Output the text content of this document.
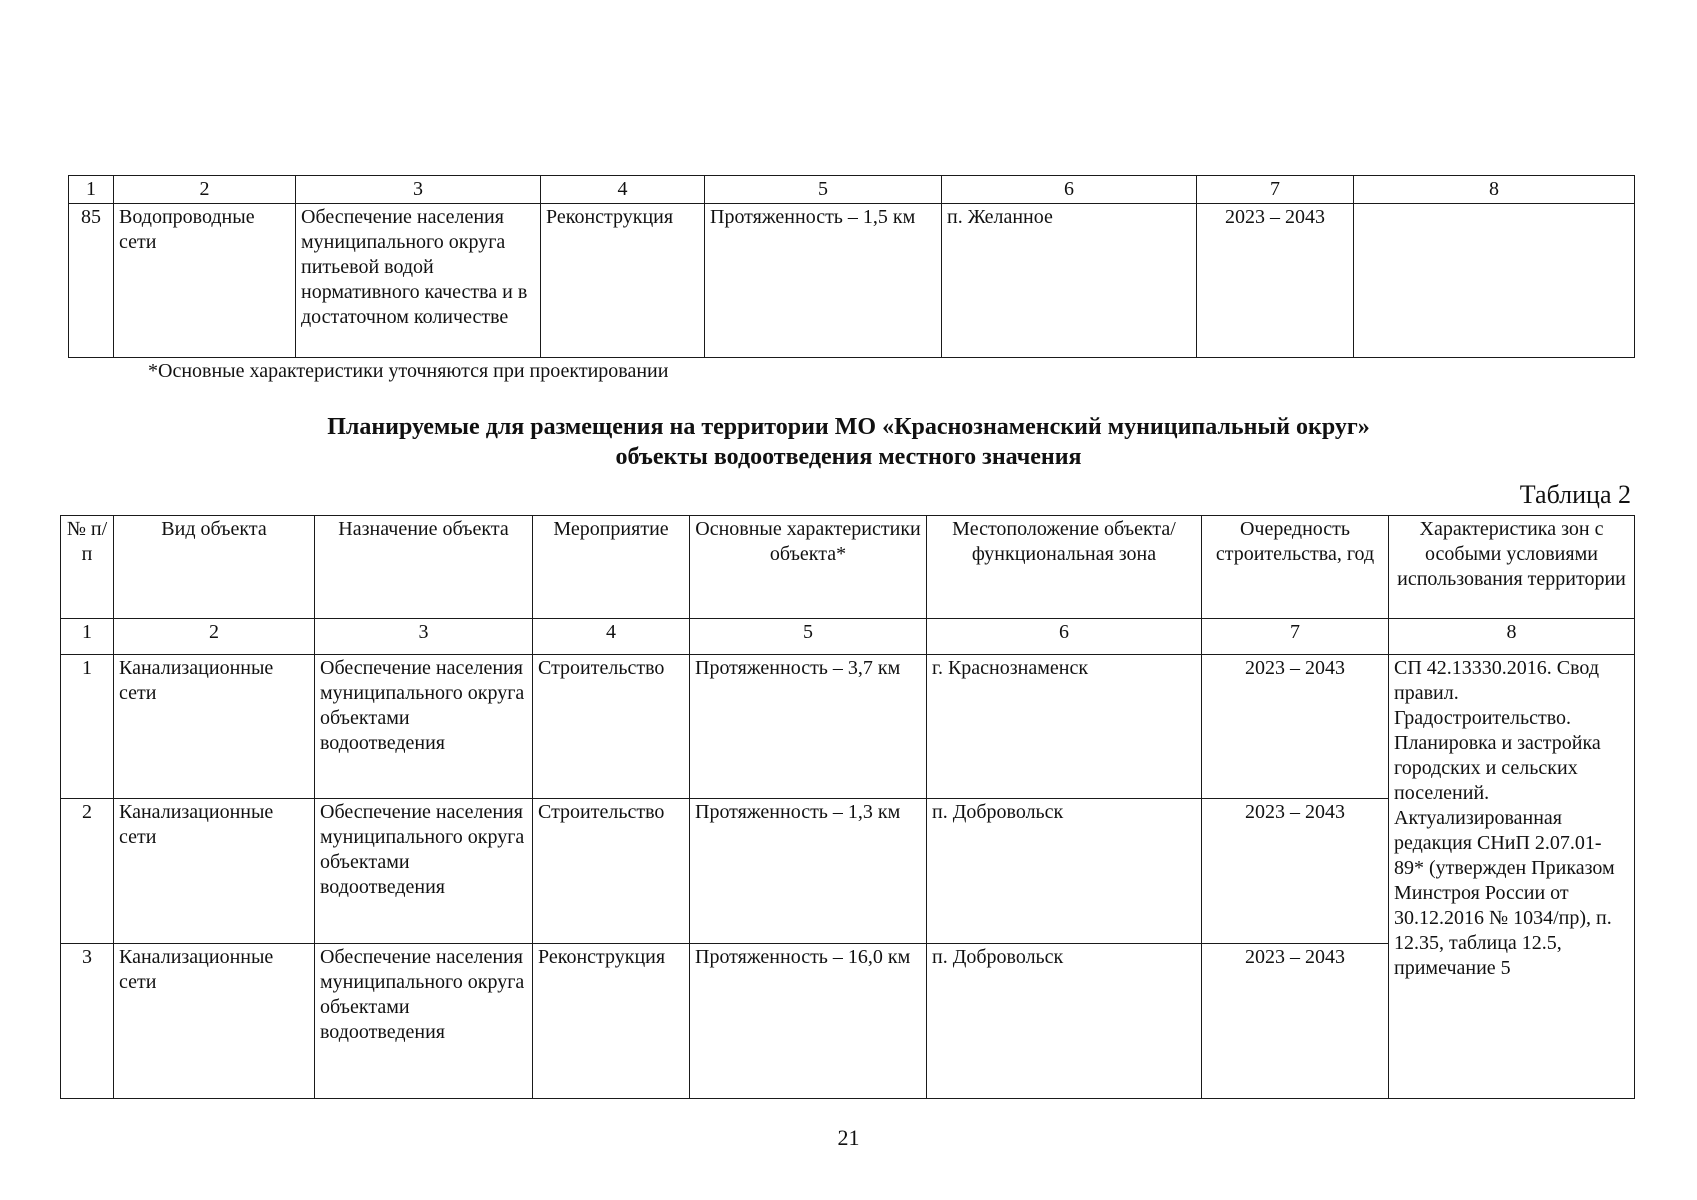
1	2	3	4	5	6	7	8
85	Водопроводные сети	Обеспечение населения муниципального округа питьевой водой нормативного качества и в достаточном количестве	Реконструкция	Протяженность – 1,5 км	п. Желанное	2023 – 2043	
*Основные характеристики уточняются при проектировании
Планируемые для размещения на территории МО «Краснознаменский муниципальный округ»
объекты водоотведения местного значения
Таблица 2
№ п/п	Вид объекта	Назначение объекта	Мероприятие	Основные характеристики объекта*	Местоположение объекта/ функциональная зона	Очередность строительства, год	Характеристика зон с особыми условиями использования территории
1	2	3	4	5	6	7	8
1	Канализационные сети	Обеспечение населения муниципального округа объектами водоотведения	Строительство	Протяженность – 3,7 км	г. Краснознаменск	2023 – 2043	СП 42.13330.2016. Свод правил. Градостроительство. Планировка и застройка городских и сельских поселений. Актуализированная редакция СНиП 2.07.01-89* (утвержден Приказом Минстроя России от 30.12.2016 № 1034/пр), п. 12.35, таблица 12.5, примечание 5
2	Канализационные сети	Обеспечение населения муниципального округа объектами водоотведения	Строительство	Протяженность – 1,3 км	п. Добровольск	2023 – 2043	
3	Канализационные сети	Обеспечение населения муниципального округа объектами водоотведения	Реконструкция	Протяженность – 16,0 км	п. Добровольск	2023 – 2043	
21
